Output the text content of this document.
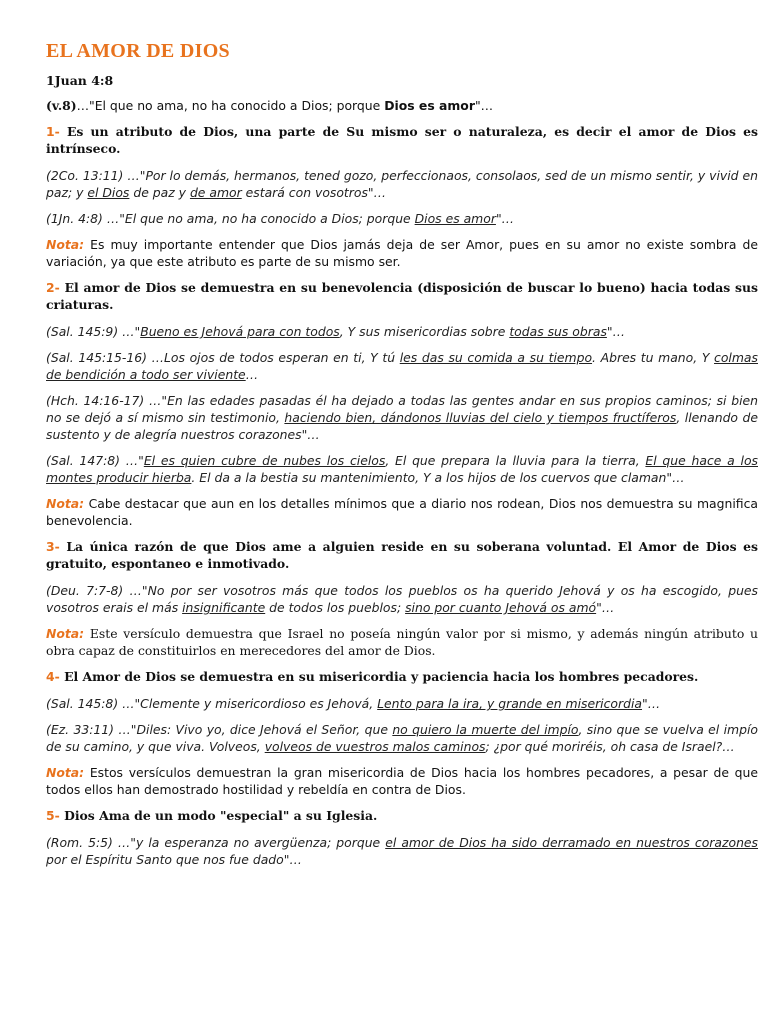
EL AMOR DE DIOS

1Juan 4:8

(v.8)…"El que no ama, no ha conocido a Dios; porque Dios es amor"…

1- Es un atributo de Dios, una parte de Su mismo ser o naturaleza, es decir el amor de Dios es intrínseco.

(2Co. 13:11) …"Por lo demás, hermanos, tened gozo, perfeccionaos, consolaos, sed de un mismo sentir, y vivid en paz; y el Dios de paz y de amor estará con vosotros"…

(1Jn. 4:8) …"El que no ama, no ha conocido a Dios; porque Dios es amor"…

Nota: Es muy importante entender que Dios jamás deja de ser Amor, pues en su amor no existe sombra de variación, ya que este atributo es parte de su mismo ser.

2- El amor de Dios se demuestra en su benevolencia (disposición de buscar lo bueno) hacia todas sus criaturas.

(Sal. 145:9) …"Bueno es Jehová para con todos, Y sus misericordias sobre todas sus obras"…

(Sal. 145:15-16) …Los ojos de todos esperan en ti, Y tú les das su comida a su tiempo. Abres tu mano, Y colmas de bendición a todo ser viviente…

(Hch. 14:16-17) …"En las edades pasadas él ha dejado a todas las gentes andar en sus propios caminos; si bien no se dejó a sí mismo sin testimonio, haciendo bien, dándonos lluvias del cielo y tiempos fructíferos, llenando de sustento y de alegría nuestros corazones"…

(Sal. 147:8) …"El es quien cubre de nubes los cielos, El que prepara la lluvia para la tierra, El que hace a los montes producir hierba. El da a la bestia su mantenimiento, Y a los hijos de los cuervos que claman"…

Nota: Cabe destacar que aun en los detalles mínimos que a diario nos rodean, Dios nos demuestra su magnifica benevolencia.

3- La única razón de que Dios ame a alguien reside en su soberana voluntad. El Amor de Dios es gratuito, espontaneo e inmotivado.

(Deu. 7:7-8) …"No por ser vosotros más que todos los pueblos os ha querido Jehová y os ha escogido, pues vosotros erais el más insignificante de todos los pueblos; sino por cuanto Jehová os amó"…

Nota: Este versículo demuestra que Israel no poseía ningún valor por si mismo, y además ningún atributo u obra capaz de constituirlos en merecedores del amor de Dios.

4- El Amor de Dios se demuestra en su misericordia y paciencia hacia los hombres pecadores.

(Sal. 145:8) …"Clemente y misericordioso es Jehová, Lento para la ira, y grande en misericordia"…

(Ez. 33:11) …"Diles: Vivo yo, dice Jehová el Señor, que no quiero la muerte del impío, sino que se vuelva el impío de su camino, y que viva. Volveos, volveos de vuestros malos caminos; ¿por qué moriréis, oh casa de Israel?…

Nota: Estos versículos demuestran la gran misericordia de Dios hacia los hombres pecadores, a pesar de que todos ellos han demostrado hostilidad y rebeldía en contra de Dios.

5- Dios Ama de un modo "especial" a su Iglesia.

(Rom. 5:5) …"y la esperanza no avergüenza; porque el amor de Dios ha sido derramado en nuestros corazones por el Espíritu Santo que nos fue dado"…
